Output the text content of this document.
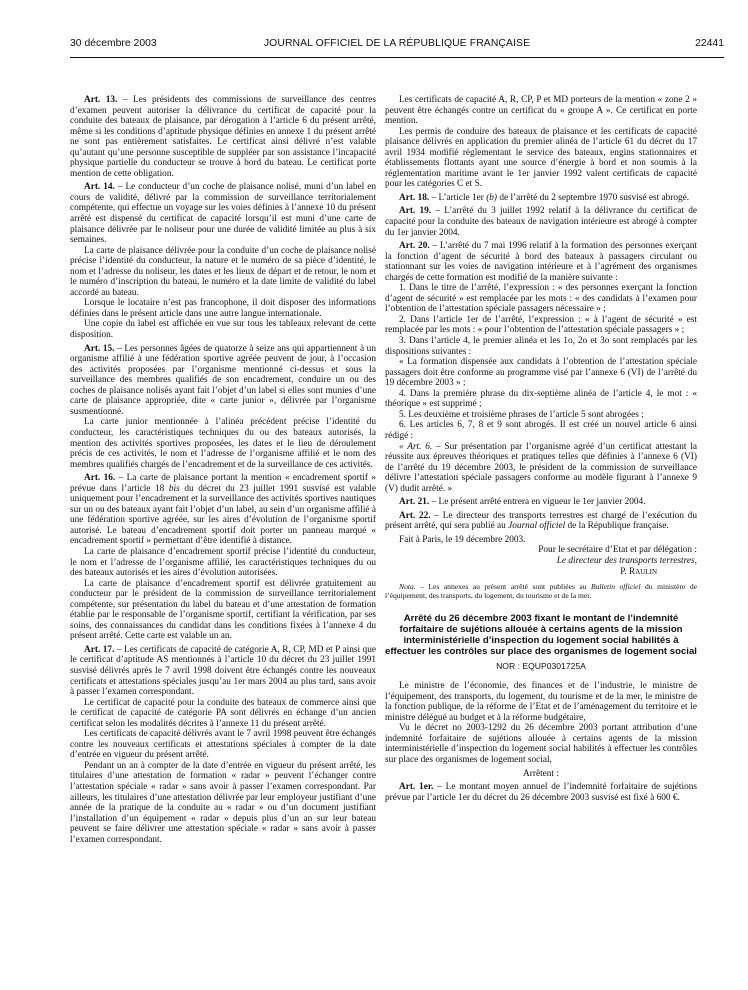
30 décembre 2003	JOURNAL OFFICIEL DE LA RÉPUBLIQUE FRANÇAISE	22441

Art. 13. – Les présidents des commissions de surveillance des centres d’examen peuvent autoriser la délivrance du certificat de capacité pour la conduite des bateaux de plaisance, par dérogation à l’article 6 du présent arrêté, même si les conditions d’aptitude physique définies en annexe 1 du présent arrêté ne sont pas entièrement satisfaites. Le certificat ainsi délivré n’est valable qu’autant qu’une personne susceptible de suppléer par son assistance l’incapacité physique partielle du conducteur se trouve à bord du bateau. Le certificat porte mention de cette obligation.

Art. 14. – Le conducteur d’un coche de plaisance nolisé, muni d’un label en cours de validité, délivré par la commission de surveillance territorialement compétente, qui effectue un voyage sur les voies définies à l’annexe 10 du présent arrêté est dispensé du certificat de capacité lorsqu’il est muni d’une carte de plaisance délivrée par le noliseur pour une durée de validité limitée au plus à six semaines.

La carte de plaisance délivrée pour la conduite d’un coche de plaisance nolisé précise l’identité du conducteur, la nature et le numéro de sa pièce d’identité, le nom et l’adresse du noliseur, les dates et les lieux de départ et de retour, le nom et le numéro d’inscription du bateau, le numéro et la date limite de validité du label accordé au bateau.

Lorsque le locataire n’est pas francophone, il doit disposer des informations définies dans le présent article dans une autre langue internationale.

Une copie du label est affichée en vue sur tous les tableaux relevant de cette disposition.

Art. 15. – Les personnes âgées de quatorze à seize ans qui appartiennent à un organisme affilié à une fédération sportive agréée peuvent de jour, à l’occasion des activités proposées par l’organisme mentionné ci-dessus et sous la surveillance des membres qualifiés de son encadrement, conduire un ou des coches de plaisance nolisés ayant fait l’objet d’un label si elles sont munies d’une carte de plaisance appropriée, dite « carte junior », délivrée par l’organisme susmentionné.

La carte junior mentionnée à l’alinéa précédent précise l’identité du conducteur, les caractéristiques techniques du ou des bateaux autorisés, la mention des activités sportives proposées, les dates et le lieu de déroulement précis de ces activités, le nom et l’adresse de l’organisme affilié et le nom des membres qualifiés chargés de l’encadrement et de la surveillance de ces activités.

Art. 16. – La carte de plaisance portant la mention « encadrement sportif » prévue dans l’article 18 bis du décret du 23 juillet 1991 susvisé est valable uniquement pour l’encadrement et la surveillance des activités sportives nautiques sur un ou des bateaux ayant fait l’objet d’un label, au sein d’un organisme affilié à une fédération sportive agréée, sur les aires d’évolution de l’organisme sportif autorisé. Le bateau d’encadrement sportif doit porter un panneau marqué « encadrement sportif » permettant d’être identifié à distance.

La carte de plaisance d’encadrement sportif précise l’identité du conducteur, le nom et l’adresse de l’organisme affilié, les caractéristiques techniques du ou des bateaux autorisés et les aires d’évolution autorisées.

La carte de plaisance d’encadrement sportif est délivrée gratuitement au conducteur par le président de la commission de surveillance territorialement compétente, sur présentation du label du bateau et d’une attestation de formation établie par le responsable de l’organisme sportif, certifiant la vérification, par ses soins, des connaissances du candidat dans les conditions fixées à l’annexe 4 du présent arrêté. Cette carte est valable un an.

Art. 17. – Les certificats de capacité de catégorie A, R, CP, MD et P ainsi que le certificat d’aptitude AS mentionnés à l’article 10 du décret du 23 juillet 1991 susvisé délivrés après le 7 avril 1998 doivent être échangés contre les nouveaux certificats et attestations spéciales jusqu’au 1er mars 2004 au plus tard, sans avoir à passer l’examen correspondant.

Le certificat de capacité pour la conduite des bateaux de commerce ainsi que le certificat de capacité de catégorie PA sont délivrés en échange d’un ancien certificat selon les modalités décrites à l’annexe 11 du présent arrêté.

Les certificats de capacité délivrés avant le 7 avril 1998 peuvent être échangés contre les nouveaux certificats et attestations spéciales à compter de la date d’entrée en vigueur du présent arrêté.

Pendant un an à compter de la date d’entrée en vigueur du présent arrêté, les titulaires d’une attestation de formation « radar » peuvent l’échanger contre l’attestation spéciale « radar » sans avoir à passer l’examen correspondant. Par ailleurs, les titulaires d’une attestation délivrée par leur employeur justifiant d’une année de la pratique de la conduite au « radar » ou d’un document justifiant l’installation d’un équipement « radar » depuis plus d’un an sur leur bateau peuvent se faire délivrer une attestation spéciale « radar » sans avoir à passer l’examen correspondant.

Les certificats de capacité A, R, CP, P et MD porteurs de la mention « zone 2 » peuvent être échangés contre un certificat du « groupe A ». Ce certificat en porte mention.

Les permis de conduire des bateaux de plaisance et les certificats de capacité plaisance délivrés en application du premier alinéa de l’article 61 du décret du 17 avril 1934 modifié réglementant le service des bateaux, engins stationnaires et établissements flottants ayant une source d’énergie à bord et non soumis à la réglementation maritime avant le 1er janvier 1992 valent certificats de capacité pour les catégories C et S.

Art. 18. – L’article 1er (b) de l’arrêté du 2 septembre 1970 susvisé est abrogé.

Art. 19. – L’arrêté du 3 juillet 1992 relatif à la délivrance du certificat de capacité pour la conduite des bateaux de navigation intérieure est abrogé à compter du 1er janvier 2004.

Art. 20. – L’arrêté du 7 mai 1996 relatif à la formation des personnes exerçant la fonction d’agent de sécurité à bord des bateaux à passagers circulant ou stationnant sur les voies de navigation intérieure et à l’agrément des organismes chargés de cette formation est modifié de la manière suivante :

1. Dans le titre de l’arrêté, l’expression : « des personnes exerçant la fonction d’agent de sécurité » est remplacée par les mots : « des candidats à l’examen pour l’obtention de l’attestation spéciale passagers nécessaire » ;

2. Dans l’article 1er de l’arrêté, l’expression : « à l’agent de sécurité » est remplacée par les mots : « pour l’obtention de l’attestation spéciale passagers » ;

3. Dans l’article 4, le premier alinéa et les 1o, 2o et 3o sont remplacés par les dispositions suivantes :

« La formation dispensée aux candidats à l’obtention de l’attestation spéciale passagers doit être conforme au programme visé par l’annexe 6 (VI) de l’arrêté du 19 décembre 2003 » ;

4. Dans la première phrase du dix-septième alinéa de l’article 4, le mot : « théorique » est supprimé ;

5. Les deuxième et troisième phrases de l’article 5 sont abrogées ;

6. Les articles 6, 7, 8 et 9 sont abrogés. Il est créé un nouvel article 6 ainsi rédigé :

« Art. 6. – Sur présentation par l’organisme agréé d’un certificat attestant la réussite aux épreuves théoriques et pratiques telles que définies à l’annexe 6 (VI) de l’arrêté du 19 décembre 2003, le président de la commission de surveillance délivre l’attestation spéciale passagers conforme au modèle figurant à l’annexe 9 (V) dudit arrêté. »

Art. 21. – Le présent arrêté entrera en vigueur le 1er janvier 2004.

Art. 22. – Le directeur des transports terrestres est chargé de l’exécution du présent arrêté, qui sera publié au Journal officiel de la République française.

Fait à Paris, le 19 décembre 2003.

Pour le secrétaire d’Etat et par délégation :

Le directeur des transports terrestres,

P. Raulin

Nota. – Les annexes au présent arrêté sont publiées au Bulletin officiel du ministère de l’équipement, des transports, du logement, du tourisme et de la mer.

Arrêté du 26 décembre 2003 fixant le montant de l’indemnité forfaitaire de sujétions allouée à certains agents de la mission interministérielle d’inspection du logement social habilités à effectuer les contrôles sur place des organismes de logement social

NOR : EQUP0301725A

Le ministre de l’économie, des finances et de l’industrie, le ministre de l’équipement, des transports, du logement, du tourisme et de la mer, le ministre de la fonction publique, de la réforme de l’Etat et de l’aménagement du territoire et le ministre délégué au budget et à la réforme budgétaire,

Vu le décret no 2003-1292 du 26 décembre 2003 portant attribution d’une indemnité forfaitaire de sujétions allouée à certains agents de la mission interministérielle d’inspection du logement social habilités à effectuer les contrôles sur place des organismes de logement social,

Arrêtent :

Art. 1er. – Le montant moyen annuel de l’indemnité forfaitaire de sujétions prévue par l’article 1er du décret du 26 décembre 2003 susvisé est fixé à 600 €.
